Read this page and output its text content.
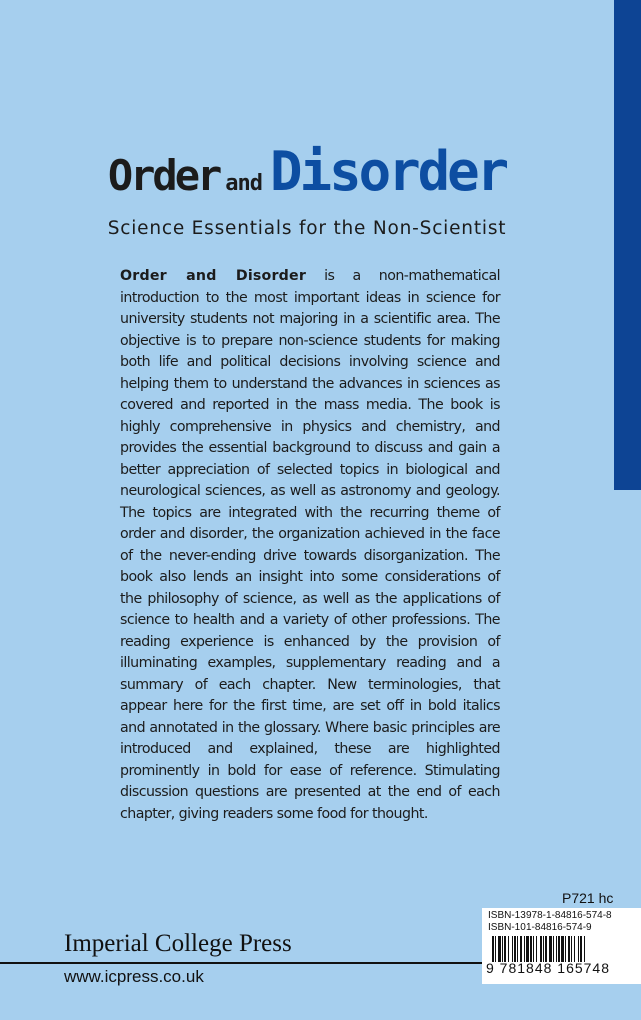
Order and Disorder
Science Essentials for the Non-Scientist

Order and Disorder is a non-mathematical introduction to the most important ideas in science for university students not majoring in a scientific area. The objective is to prepare non-science students for making both life and political decisions involving science and helping them to understand the advances in sciences as covered and reported in the mass media. The book is highly comprehensive in physics and chemistry, and provides the essential background to discuss and gain a better appreciation of selected topics in biological and neurological sciences, as well as astronomy and geology. The topics are integrated with the recurring theme of order and disorder, the organization achieved in the face of the never-ending drive towards disorganization. The book also lends an insight into some considerations of the philosophy of science, as well as the applications of science to health and a variety of other professions. The reading experience is enhanced by the provision of illuminating examples, supplementary reading and a summary of each chapter. New terminologies, that appear here for the first time, are set off in bold italics and annotated in the glossary. Where basic principles are introduced and explained, these are highlighted prominently in bold for ease of reference. Stimulating discussion questions are presented at the end of each chapter, giving readers some food for thought.

P721 hc
ISBN-13978-1-84816-574-8
ISBN-101-84816-574-9
9 781848 165748
Imperial College Press
www.icpress.co.uk
